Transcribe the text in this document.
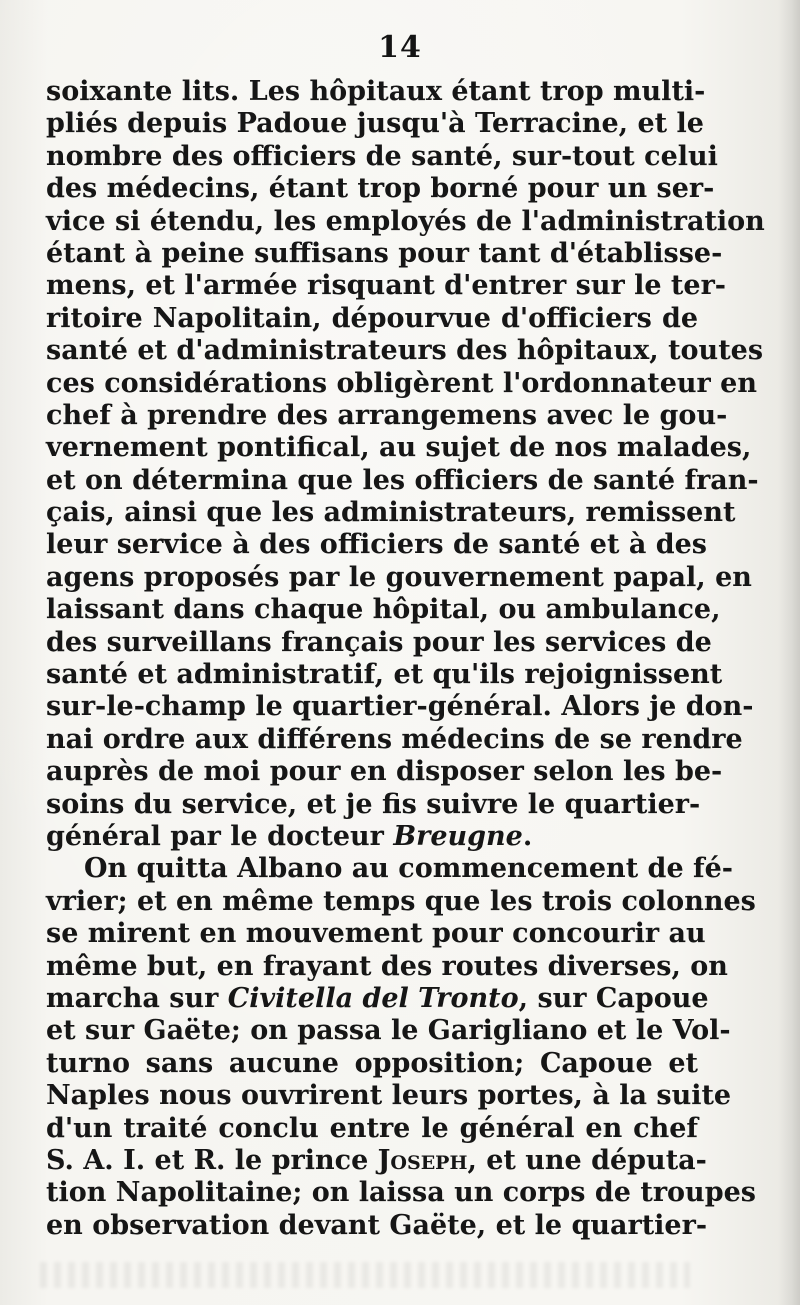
14
soixante lits. Les hôpitaux étant trop multi-
pliés depuis Padoue jusqu'à Terracine, et le
nombre des officiers de santé, sur-tout celui
des médecins, étant trop borné pour un ser-
vice si étendu, les employés de l'administration
étant à peine suffisans pour tant d'établisse-
mens, et l'armée risquant d'entrer sur le ter-
ritoire Napolitain, dépourvue d'officiers de
santé et d'administrateurs des hôpitaux, toutes
ces considérations obligèrent l'ordonnateur en
chef à prendre des arrangemens avec le gou-
vernement pontifical, au sujet de nos malades,
et on détermina que les officiers de santé fran-
çais, ainsi que les administrateurs, remissent
leur service à des officiers de santé et à des
agens proposés par le gouvernement papal, en
laissant dans chaque hôpital, ou ambulance,
des surveillans français pour les services de
santé et administratif, et qu'ils rejoignissent
sur-le-champ le quartier-général. Alors je don-
nai ordre aux différens médecins de se rendre
auprès de moi pour en disposer selon les be-
soins du service, et je fis suivre le quartier-
général par le docteur Breugne.
On quitta Albano au commencement de fé-
vrier; et en même temps que les trois colonnes
se mirent en mouvement pour concourir au
même but, en frayant des routes diverses, on
marcha sur Civitella del Tronto, sur Capoue
et sur Gaëte; on passa le Garigliano et le Vol-
turno sans aucune opposition; Capoue et
Naples nous ouvrirent leurs portes, à la suite
d'un traité conclu entre le général en chef
S. A. I. et R. le prince Joseph, et une députa-
tion Napolitaine; on laissa un corps de troupes
en observation devant Gaëte, et le quartier-
